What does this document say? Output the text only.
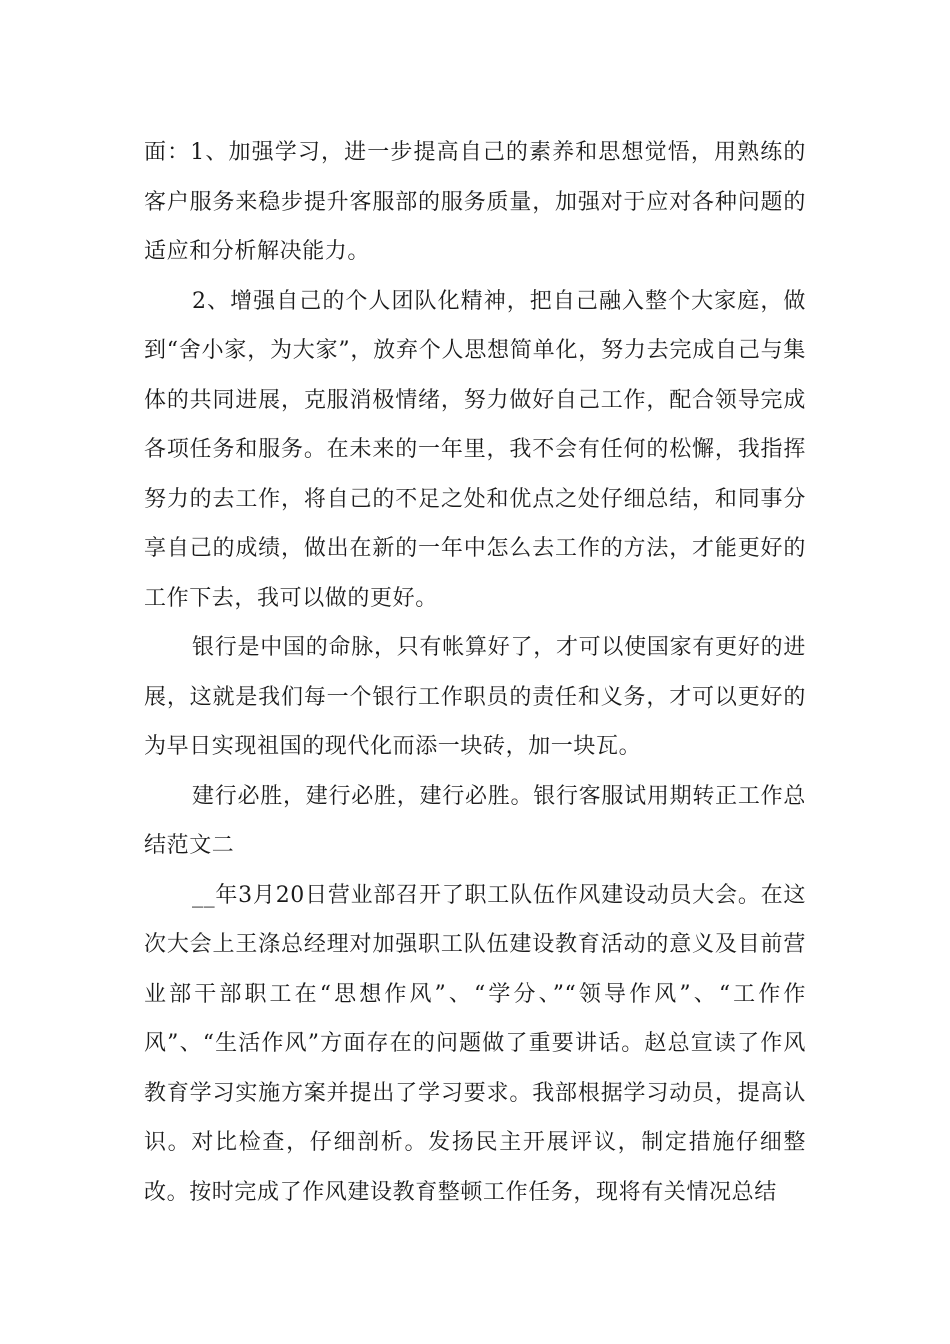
面：1、加强学习，进一步提高自己的素养和思想觉悟，用熟练的客户服务来稳步提升客服部的服务质量，加强对于应对各种问题的适应和分析解决能力。

2、增强自己的个人团队化精神，把自己融入整个大家庭，做到“舍小家，为大家”，放弃个人思想简单化，努力去完成自己与集体的共同进展，克服消极情绪，努力做好自己工作，配合领导完成各项任务和服务。在未来的一年里，我不会有任何的松懈，我指挥努力的去工作，将自己的不足之处和优点之处仔细总结，和同事分享自己的成绩，做出在新的一年中怎么去工作的方法，才能更好的工作下去，我可以做的更好。

银行是中国的命脉，只有帐算好了，才可以使国家有更好的进展，这就是我们每一个银行工作职员的责任和义务，才可以更好的为早日实现祖国的现代化而添一块砖，加一块瓦。

建行必胜，建行必胜，建行必胜。银行客服试用期转正工作总结范文二

__年3月20日营业部召开了职工队伍作风建设动员大会。在这次大会上王涤总经理对加强职工队伍建设教育活动的意义及目前营业部干部职工在“思想作风”、“学分、”“领导作风”、“工作作风”、“生活作风”方面存在的问题做了重要讲话。赵总宣读了作风教育学习实施方案并提出了学习要求。我部根据学习动员，提高认识。对比检查，仔细剖析。发扬民主开展评议，制定措施仔细整改。按时完成了作风建设教育整顿工作任务，现将有关情况总结
